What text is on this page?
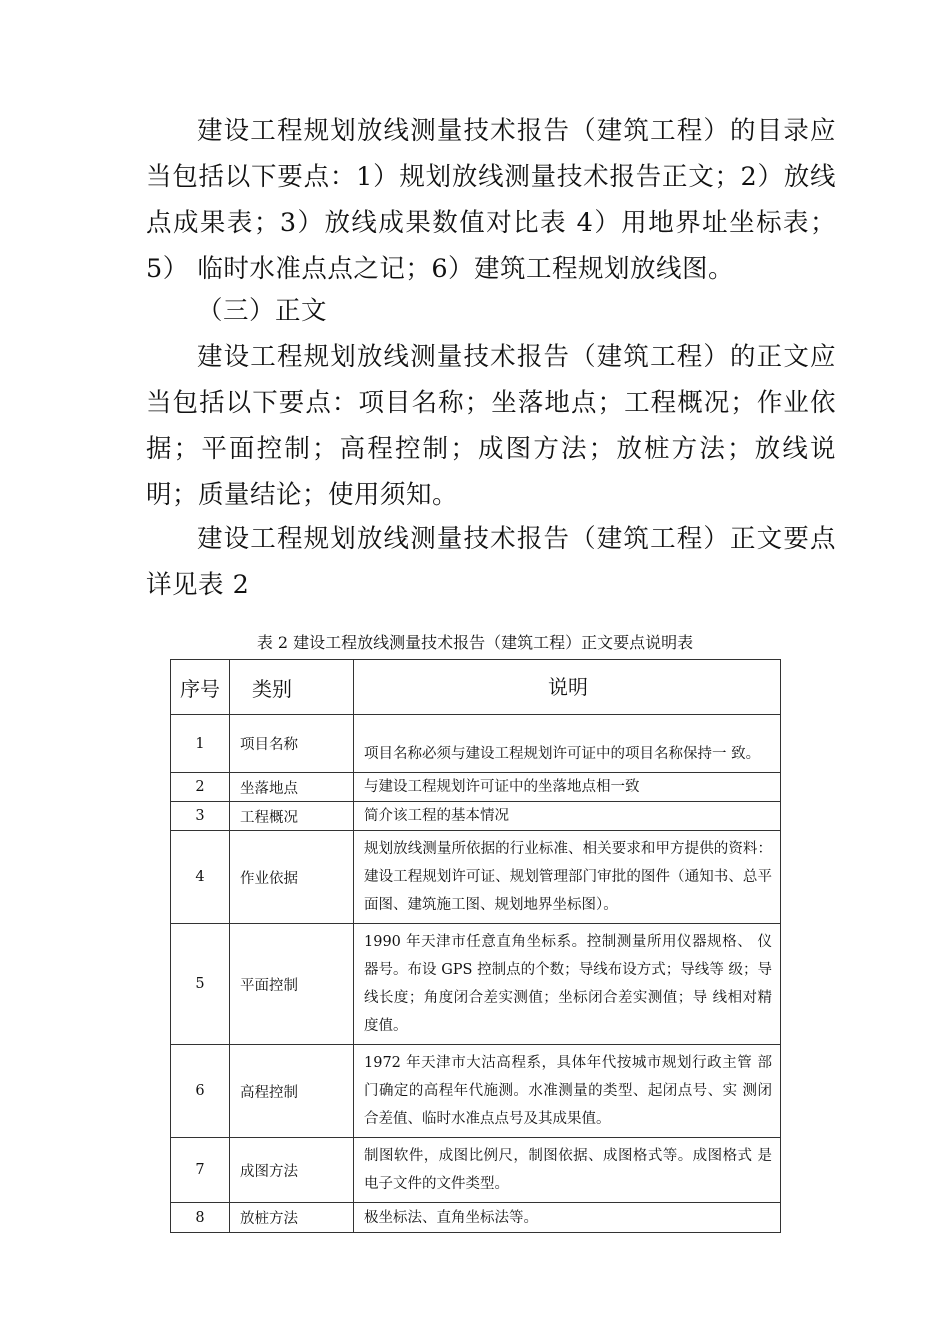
建设工程规划放线测量技术报告（建筑工程）的目录应 当包括以下要点：1）规划放线测量技术报告正文；2）放线 点成果表；3）放线成果数值对比表 4）用地界址坐标表；5） 临时水准点点之记；6）建筑工程规划放线图。

（三）正文

建设工程规划放线测量技术报告（建筑工程）的正文应 当包括以下要点：项目名称；坐落地点；工程概况；作业依 据；平面控制；高程控制；成图方法；放桩方法；放线说明；质量结论；使用须知。

建设工程规划放线测量技术报告（建筑工程）正文要点 详见表 2

表 2 建设工程放线测量技术报告（建筑工程）正文要点说明表

序号	类别	说明
1	项目名称	项目名称必须与建设工程规划许可证中的项目名称保持一 致。
2	坐落地点	与建设工程规划许可证中的坐落地点相一致
3	工程概况	简介该工程的基本情况
4	作业依据	规划放线测量所依据的行业标准、相关要求和甲方提供的资料：建设工程规划许可证、规划管理部门审批的图件（通知书、总平面图、建筑施工图、规划地界坐标图）。
5	平面控制	1990 年天津市任意直角坐标系。控制测量所用仪器规格、 仪器号。布设 GPS 控制点的个数；导线布设方式；导线等 级；导线长度；角度闭合差实测值；坐标闭合差实测值；导 线相对精度值。
6	高程控制	1972 年天津市大沽高程系，具体年代按城市规划行政主管 部门确定的高程年代施测。水准测量的类型、起闭点号、实 测闭合差值、临时水准点点号及其成果值。
7	成图方法	制图软件，成图比例尺，制图依据、成图格式等。成图格式 是电子文件的文件类型。
8	放桩方法	极坐标法、直角坐标法等。
